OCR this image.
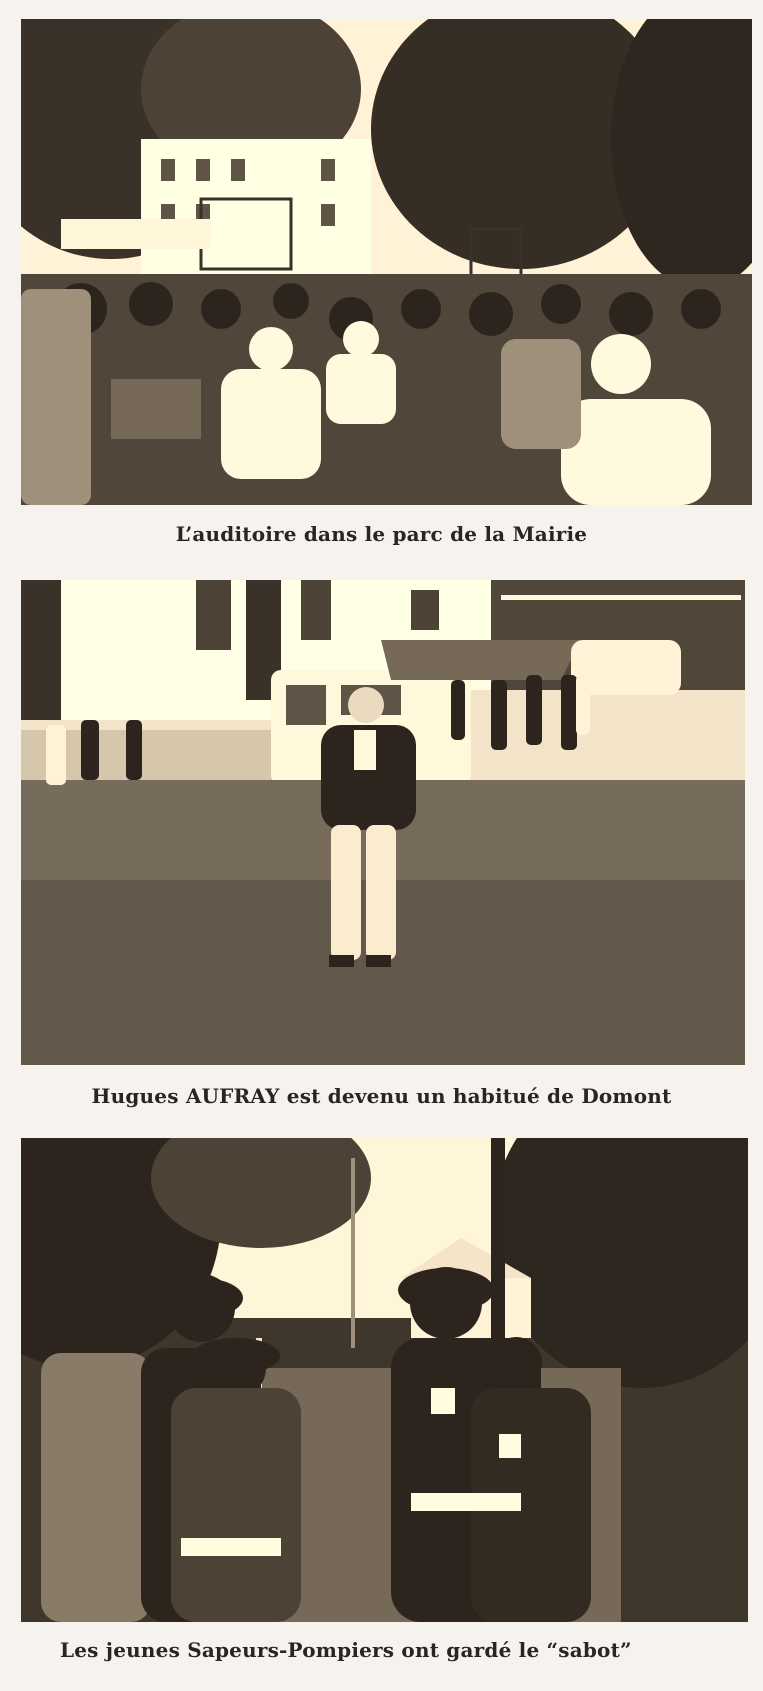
L’auditoire dans le parc de la Mairie
Hugues AUFRAY est devenu un habitué de Domont
Les jeunes Sapeurs-Pompiers ont gardé le “sabot”
